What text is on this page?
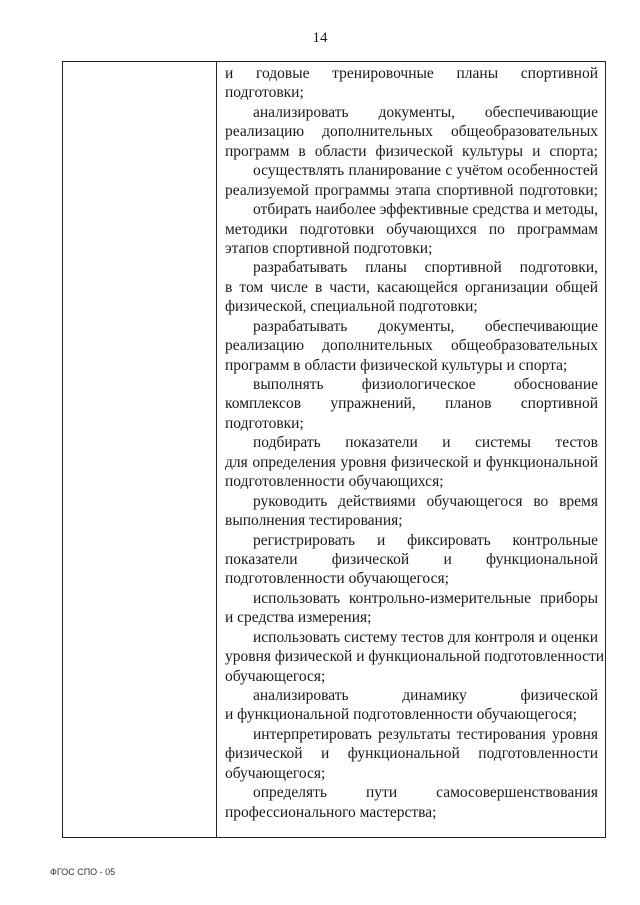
14
и годовые тренировочные планы спортивной
подготовки;
анализировать документы, обеспечивающие
реализацию дополнительных общеобразовательных
программ в области физической культуры и спорта;
осуществлять планирование с учётом особенностей
реализуемой программы этапа спортивной подготовки;
отбирать наиболее эффективные средства и методы,
методики подготовки обучающихся по программам
этапов спортивной подготовки;
разрабатывать планы спортивной подготовки,
в том числе в части, касающейся организации общей
физической, специальной подготовки;
разрабатывать документы, обеспечивающие
реализацию дополнительных общеобразовательных
программ в области физической культуры и спорта;
выполнять физиологическое обоснование
комплексов упражнений, планов спортивной
подготовки;
подбирать показатели и системы тестов
для определения уровня физической и функциональной
подготовленности обучающихся;
руководить действиями обучающегося во время
выполнения тестирования;
регистрировать и фиксировать контрольные
показатели физической и функциональной
подготовленности обучающегося;
использовать контрольно-измерительные приборы
и средства измерения;
использовать систему тестов для контроля и оценки
уровня физической и функциональной подготовленности
обучающегося;
анализировать динамику физической
и функциональной подготовленности обучающегося;
интерпретировать результаты тестирования уровня
физической и функциональной подготовленности
обучающегося;
определять пути самосовершенствования
профессионального мастерства;
ФГОС СПО - 05
